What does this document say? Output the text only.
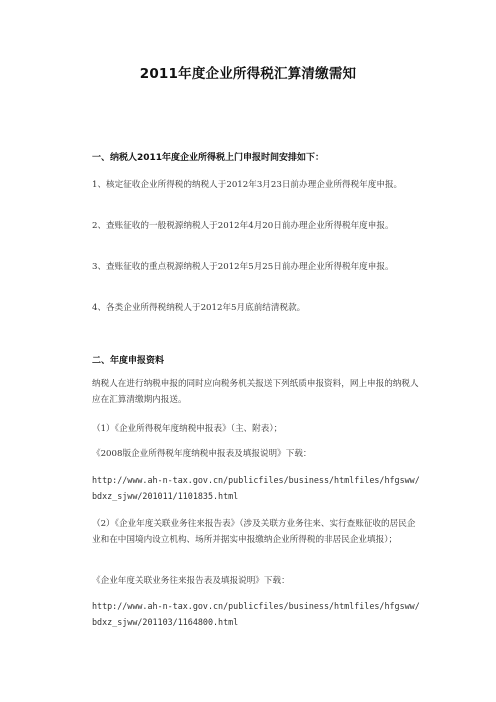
2011年度企业所得税汇算清缴需知
一、纳税人2011年度企业所得税上门申报时间安排如下：
1、核定征收企业所得税的纳税人于2012年3月23日前办理企业所得税年度申报。
2、查账征收的一般税源纳税人于2012年4月20日前办理企业所得税年度申报。
3、查账征收的重点税源纳税人于2012年5月25日前办理企业所得税年度申报。
4、各类企业所得税纳税人于2012年5月底前结清税款。
二、年度申报资料
纳税人在进行纳税申报的同时应向税务机关报送下列纸质申报资料，网上申报的纳税人应在汇算清缴期内报送。
（1）《企业所得税年度纳税申报表》（主、附表）；
《2008版企业所得税年度纳税申报表及填报说明》下载：
http://www.ah-n-tax.gov.cn/publicfiles/business/htmlfiles/hfgsww/bdxz_sjww/201011/1101835.html
（2）《企业年度关联业务往来报告表》（涉及关联方业务往来、实行查账征收的居民企业和在中国境内设立机构、场所并据实申报缴纳企业所得税的非居民企业填报）；
《企业年度关联业务往来报告表及填报说明》下载：
http://www.ah-n-tax.gov.cn/publicfiles/business/htmlfiles/hfgsww/bdxz_sjww/201103/1164800.html
